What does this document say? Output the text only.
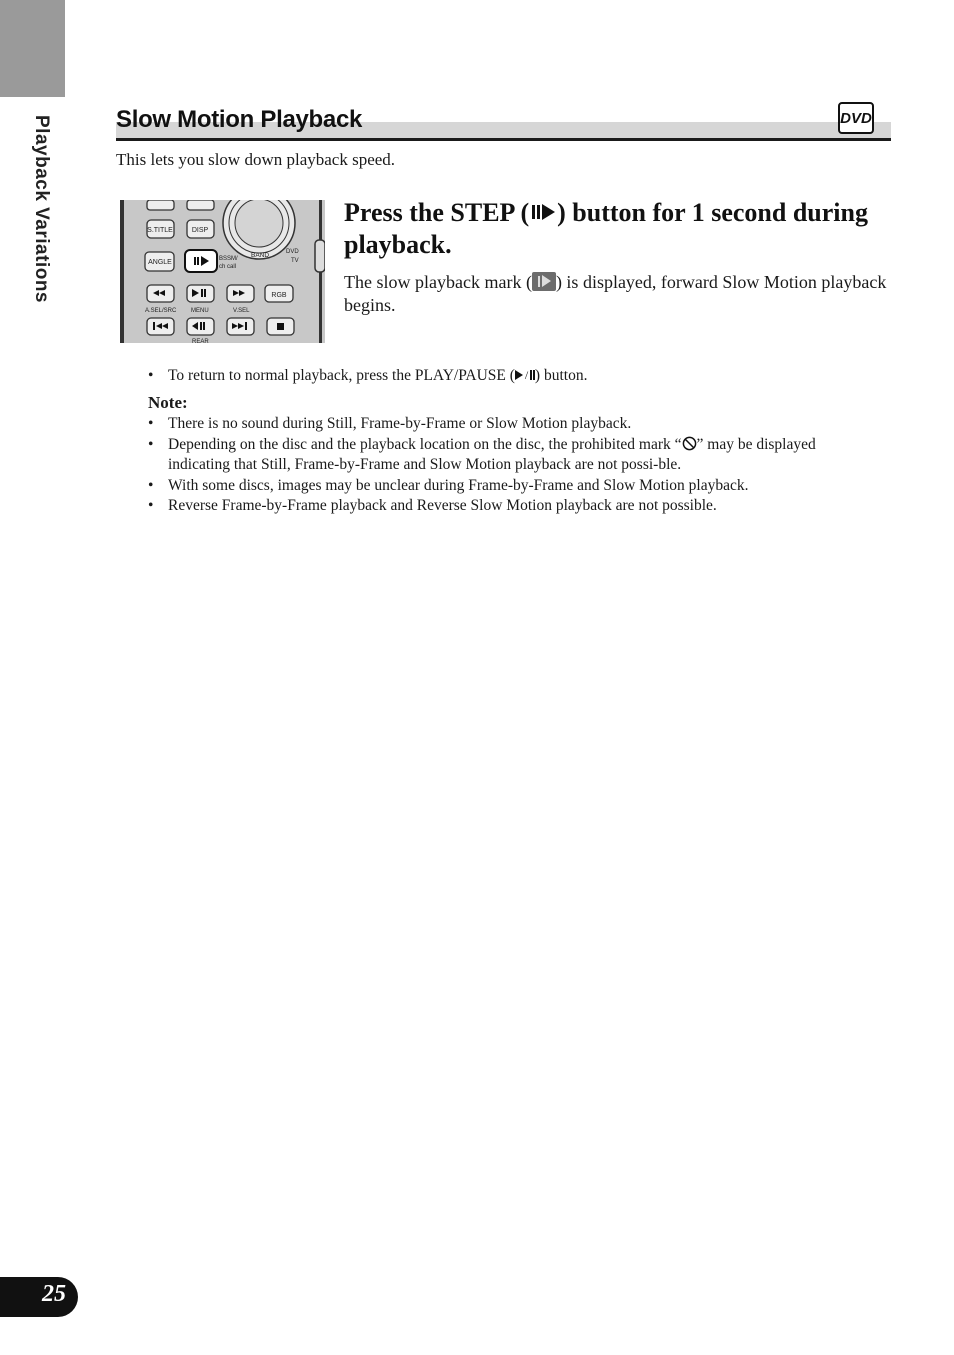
Playback Variations	Slow Motion Playback	DVD
This lets you slow down playback speed.
S.TITLE	DISP
ANGLE	BSSM/
ch call
BAND	DVD
TV
RGB
A.SEL/SRC MENU	V.SEL
REAR
Press the STEP ( ) button for 1 second during playback.
The slow playback mark ( ) is displayed, forward Slow Motion playback begins.
• To return to normal playback, press the PLAY/PAUSE ( / ) button.
Note:
• There is no sound during Still, Frame-by-Frame or Slow Motion playback.
• Depending on the disc and the playback location on the disc, the prohibited mark “ ” may be displayed indicating that Still, Frame-by-Frame and Slow Motion playback are not possi-ble.
• With some discs, images may be unclear during Frame-by-Frame and Slow Motion playback.
• Reverse Frame-by-Frame playback and Reverse Slow Motion playback are not possible.
25
